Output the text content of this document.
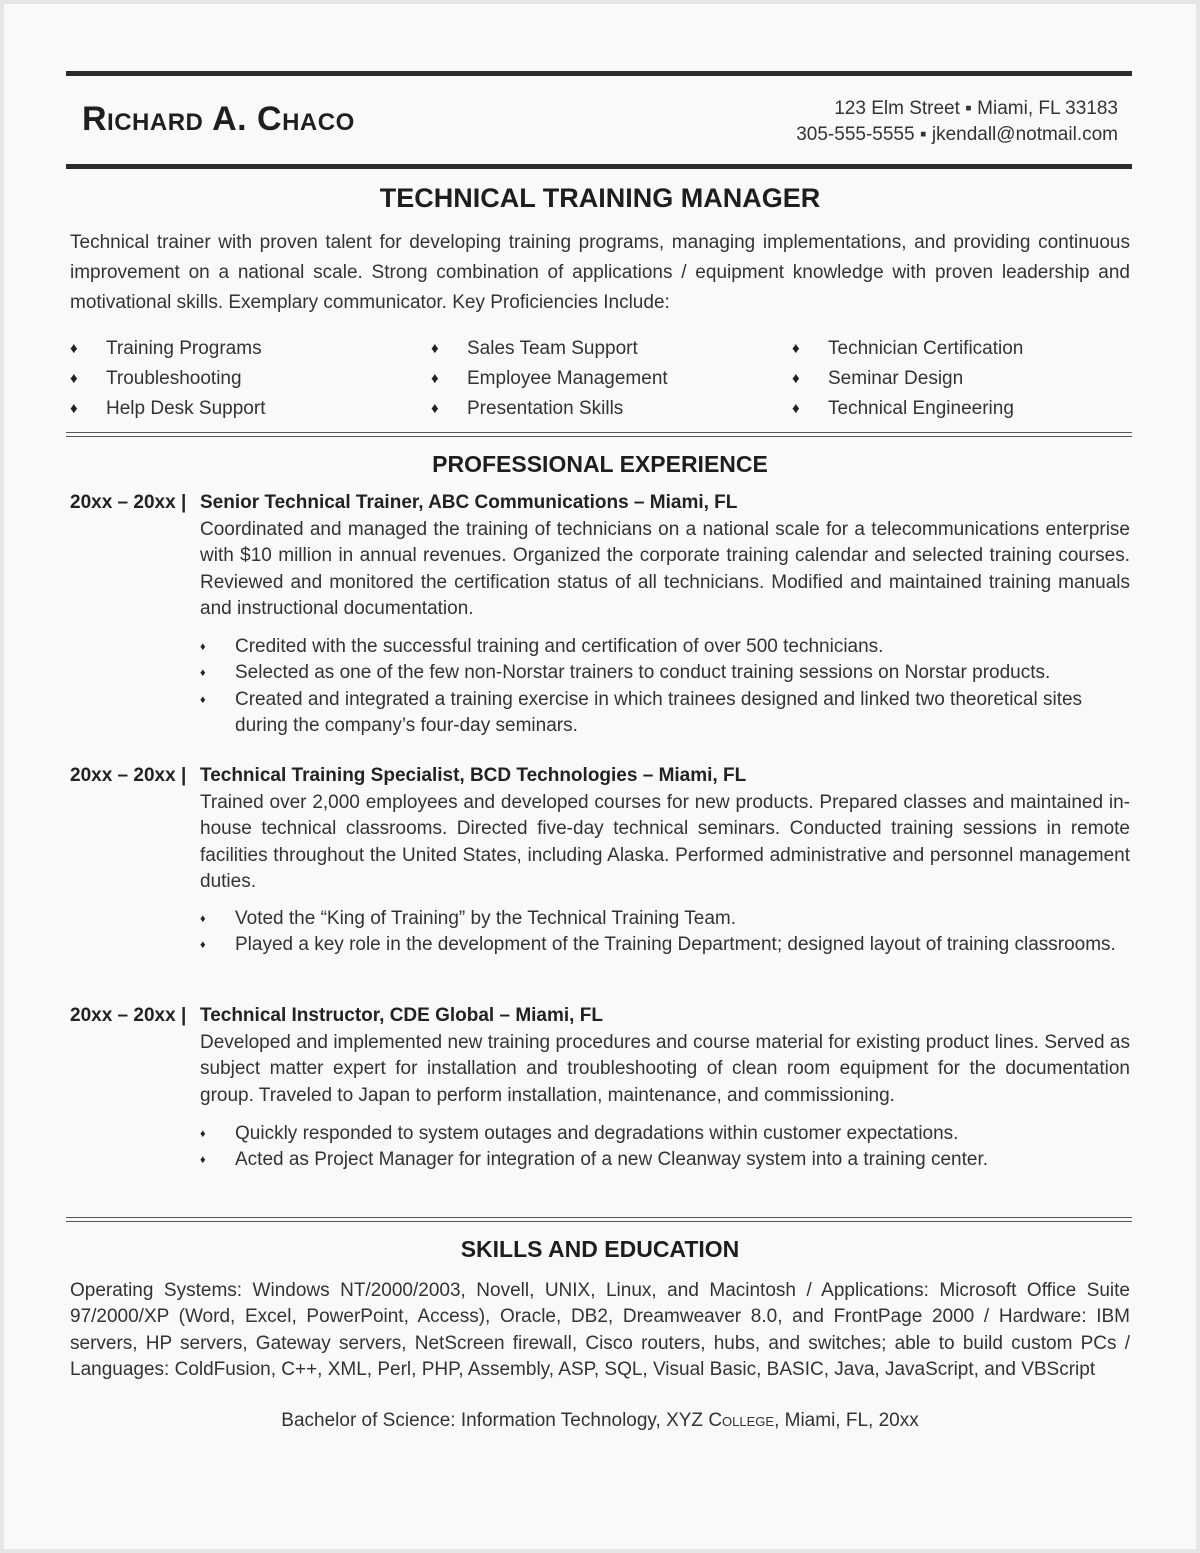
Richard A. Chaco	123 Elm Street ▪ Miami, FL 33183
305-555-5555 ▪ jkendall@notmail.com
TECHNICAL TRAINING MANAGER

Technical trainer with proven talent for developing training programs, managing implementations, and providing continuous improvement on a national scale. Strong combination of applications / equipment knowledge with proven leadership and motivational skills. Exemplary communicator. Key Proficiencies Include:

♦ Training Programs
♦ Troubleshooting
♦ Help Desk Support
♦ Sales Team Support
♦ Employee Management
♦ Presentation Skills
♦ Technician Certification
♦ Seminar Design
♦ Technical Engineering
PROFESSIONAL EXPERIENCE
20xx – 20xx | Senior Technical Trainer, ABC Communications – Miami, FL

Coordinated and managed the training of technicians on a national scale for a telecommunications enterprise with $10 million in annual revenues. Organized the corporate training calendar and selected training courses. Reviewed and monitored the certification status of all technicians. Modified and maintained training manuals and instructional documentation.

♦ Credited with the successful training and certification of over 500 technicians.
♦ Selected as one of the few non-Norstar trainers to conduct training sessions on Norstar products.
♦ Created and integrated a training exercise in which trainees designed and linked two theoretical sites during the company’s four-day seminars.
20xx – 20xx | Technical Training Specialist, BCD Technologies – Miami, FL

Trained over 2,000 employees and developed courses for new products. Prepared classes and maintained in-house technical classrooms. Directed five-day technical seminars. Conducted training sessions in remote facilities throughout the United States, including Alaska. Performed administrative and personnel management duties.

♦ Voted the “King of Training” by the Technical Training Team.
♦ Played a key role in the development of the Training Department; designed layout of training classrooms.
20xx – 20xx | Technical Instructor, CDE Global – Miami, FL

Developed and implemented new training procedures and course material for existing product lines. Served as subject matter expert for installation and troubleshooting of clean room equipment for the documentation group. Traveled to Japan to perform installation, maintenance, and commissioning.

♦ Quickly responded to system outages and degradations within customer expectations.
♦ Acted as Project Manager for integration of a new Cleanway system into a training center.
SKILLS AND EDUCATION

Operating Systems: Windows NT/2000/2003, Novell, UNIX, Linux, and Macintosh / Applications: Microsoft Office Suite 97/2000/XP (Word, Excel, PowerPoint, Access), Oracle, DB2, Dreamweaver 8.0, and FrontPage 2000 / Hardware: IBM servers, HP servers, Gateway servers, NetScreen firewall, Cisco routers, hubs, and switches; able to build custom PCs / Languages: ColdFusion, C++, XML, Perl, PHP, Assembly, ASP, SQL, Visual Basic, BASIC, Java, JavaScript, and VBScript

Bachelor of Science: Information Technology, XYZ College, Miami, FL, 20xx
